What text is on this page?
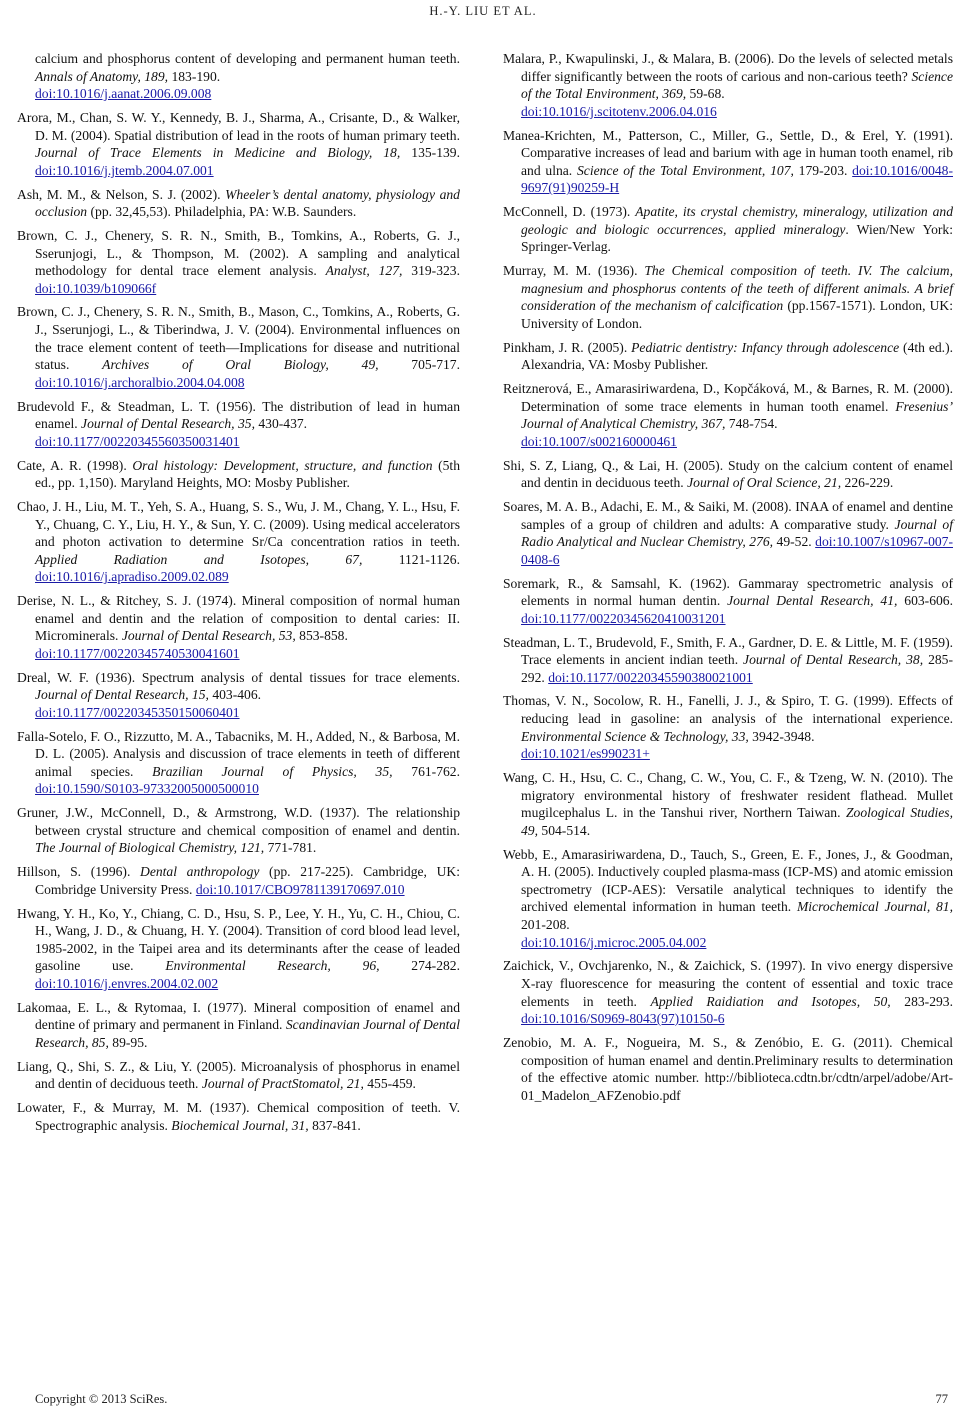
H.-Y. LIU ET AL.

calcium and phosphorus content of developing and permanent human teeth. Annals of Anatomy, 189, 183-190.
doi:10.1016/j.aanat.2006.09.008

Arora, M., Chan, S. W. Y., Kennedy, B. J., Sharma, A., Crisante, D., & Walker, D. M. (2004). Spatial distribution of lead in the roots of human primary teeth. Journal of Trace Elements in Medicine and Biology, 18, 135-139. doi:10.1016/j.jtemb.2004.07.001

Ash, M. M., & Nelson, S. J. (2002). Wheeler’s dental anatomy, physiology and occlusion (pp. 32,45,53). Philadelphia, PA: W.B. Saunders.

Brown, C. J., Chenery, S. R. N., Smith, B., Tomkins, A., Roberts, G. J., Sserunjogi, L., & Thompson, M. (2002). A sampling and analytical methodology for dental trace element analysis. Analyst, 127, 319-323. doi:10.1039/b109066f

Brown, C. J., Chenery, S. R. N., Smith, B., Mason, C., Tomkins, A., Roberts, G. J., Sserunjogi, L., & Tiberindwa, J. V. (2004). Environmental influences on the trace element content of teeth—Implications for disease and nutritional status. Archives of Oral Biology, 49, 705-717. doi:10.1016/j.archoralbio.2004.04.008

Brudevold F., & Steadman, L. T. (1956). The distribution of lead in human enamel. Journal of Dental Research, 35, 430-437.
doi:10.1177/00220345560350031401

Cate, A. R. (1998). Oral histology: Development, structure, and function (5th ed., pp. 1,150). Maryland Heights, MO: Mosby Publisher.

Chao, J. H., Liu, M. T., Yeh, S. A., Huang, S. S., Wu, J. M., Chang, Y. L., Hsu, F. Y., Chuang, C. Y., Liu, H. Y., & Sun, Y. C. (2009). Using medical accelerators and photon activation to determine Sr/Ca concentration ratios in teeth. Applied Radiation and Isotopes, 67, 1121-1126. doi:10.1016/j.apradiso.2009.02.089

Derise, N. L., & Ritchey, S. J. (1974). Mineral composition of normal human enamel and dentin and the relation of composition to dental caries: II. Microminerals. Journal of Dental Research, 53, 853-858.
doi:10.1177/00220345740530041601

Dreal, W. F. (1936). Spectrum analysis of dental tissues for trace elements. Journal of Dental Research, 15, 403-406.
doi:10.1177/00220345350150060401

Falla-Sotelo, F. O., Rizzutto, M. A., Tabacniks, M. H., Added, N., & Barbosa, M. D. L. (2005). Analysis and discussion of trace elements in teeth of different animal species. Brazilian Journal of Physics, 35, 761-762. doi:10.1590/S0103-97332005000500010

Gruner, J.W., McConnell, D., & Armstrong, W.D. (1937). The relationship between crystal structure and chemical composition of enamel and dentin. The Journal of Biological Chemistry, 121, 771-781.

Hillson, S. (1996). Dental anthropology (pp. 217-225). Cambridge, UK: Combridge University Press. doi:10.1017/CBO9781139170697.010

Hwang, Y. H., Ko, Y., Chiang, C. D., Hsu, S. P., Lee, Y. H., Yu, C. H., Chiou, C. H., Wang, J. D., & Chuang, H. Y. (2004). Transition of cord blood lead level, 1985-2002, in the Taipei area and its determinants after the cease of leaded gasoline use. Environmental Research, 96, 274-282. doi:10.1016/j.envres.2004.02.002

Lakomaa, E. L., & Rytomaa, I. (1977). Mineral composition of enamel and dentine of primary and permanent in Finland. Scandinavian Journal of Dental Research, 85, 89-95.

Liang, Q., Shi, S. Z., & Liu, Y. (2005). Microanalysis of phosphorus in enamel and dentin of deciduous teeth. Journal of PractStomatol, 21, 455-459.

Lowater, F., & Murray, M. M. (1937). Chemical composition of teeth. V. Spectrographic analysis. Biochemical Journal, 31, 837-841.

Malara, P., Kwapulinski, J., & Malara, B. (2006). Do the levels of selected metals differ significantly between the roots of carious and non-carious teeth? Science of the Total Environment, 369, 59-68.
doi:10.1016/j.scitotenv.2006.04.016

Manea-Krichten, M., Patterson, C., Miller, G., Settle, D., & Erel, Y. (1991). Comparative increases of lead and barium with age in human tooth enamel, rib and ulna. Science of the Total Environment, 107, 179-203. doi:10.1016/0048-9697(91)90259-H

McConnell, D. (1973). Apatite, its crystal chemistry, mineralogy, utilization and geologic and biologic occurrences, applied mineralogy. Wien/New York: Springer-Verlag.

Murray, M. M. (1936). The Chemical composition of teeth. IV. The calcium, magnesium and phosphorus contents of the teeth of different animals. A brief consideration of the mechanism of calcification (pp.1567-1571). London, UK: University of London.

Pinkham, J. R. (2005). Pediatric dentistry: Infancy through adolescence (4th ed.). Alexandria, VA: Mosby Publisher.

Reitznerová, E., Amarasiriwardena, D., Kopčáková, M., & Barnes, R. M. (2000). Determination of some trace elements in human tooth enamel. Fresenius’ Journal of Analytical Chemistry, 367, 748-754.
doi:10.1007/s002160000461

Shi, S. Z, Liang, Q., & Lai, H. (2005). Study on the calcium content of enamel and dentin in deciduous teeth. Journal of Oral Science, 21, 226-229.

Soares, M. A. B., Adachi, E. M., & Saiki, M. (2008). INAA of enamel and dentine samples of a group of children and adults: A comparative study. Journal of Radio Analytical and Nuclear Chemistry, 276, 49-52. doi:10.1007/s10967-007-0408-6

Soremark, R., & Samsahl, K. (1962). Gammaray spectrometric analysis of elements in normal human dentin. Journal Dental Research, 41, 603-606. doi:10.1177/00220345620410031201

Steadman, L. T., Brudevold, F., Smith, F. A., Gardner, D. E. & Little, M. F. (1959). Trace elements in ancient indian teeth. Journal of Dental Research, 38, 285-292. doi:10.1177/00220345590380021001

Thomas, V. N., Socolow, R. H., Fanelli, J. J., & Spiro, T. G. (1999). Effects of reducing lead in gasoline: an analysis of the international experience. Environmental Science & Technology, 33, 3942-3948.
doi:10.1021/es990231+

Wang, C. H., Hsu, C. C., Chang, C. W., You, C. F., & Tzeng, W. N. (2010). The migratory environmental history of freshwater resident flathead. Mullet mugilcephalus L. in the Tanshui river, Northern Taiwan. Zoological Studies, 49, 504-514.

Webb, E., Amarasiriwardena, D., Tauch, S., Green, E. F., Jones, J., & Goodman, A. H. (2005). Inductively coupled plasma-mass (ICP-MS) and atomic emission spectrometry (ICP-AES): Versatile analytical techniques to identify the archived elemental information in human teeth. Microchemical Journal, 81, 201-208.
doi:10.1016/j.microc.2005.04.002

Zaichick, V., Ovchjarenko, N., & Zaichick, S. (1997). In vivo energy dispersive X-ray fluorescence for measuring the content of essential and toxic trace elements in teeth. Applied Raidiation and Isotopes, 50, 283-293. doi:10.1016/S0969-8043(97)10150-6

Zenobio, M. A. F., Nogueira, M. S., & Zenóbio, E. G. (2011). Chemical composition of human enamel and dentin.Preliminary results to determination of the effective atomic number. http://biblioteca.cdtn.br/cdtn/arpel/adobe/Art-01_Madelon_AFZenobio.pdf

Copyright © 2013 SciRes.	77
